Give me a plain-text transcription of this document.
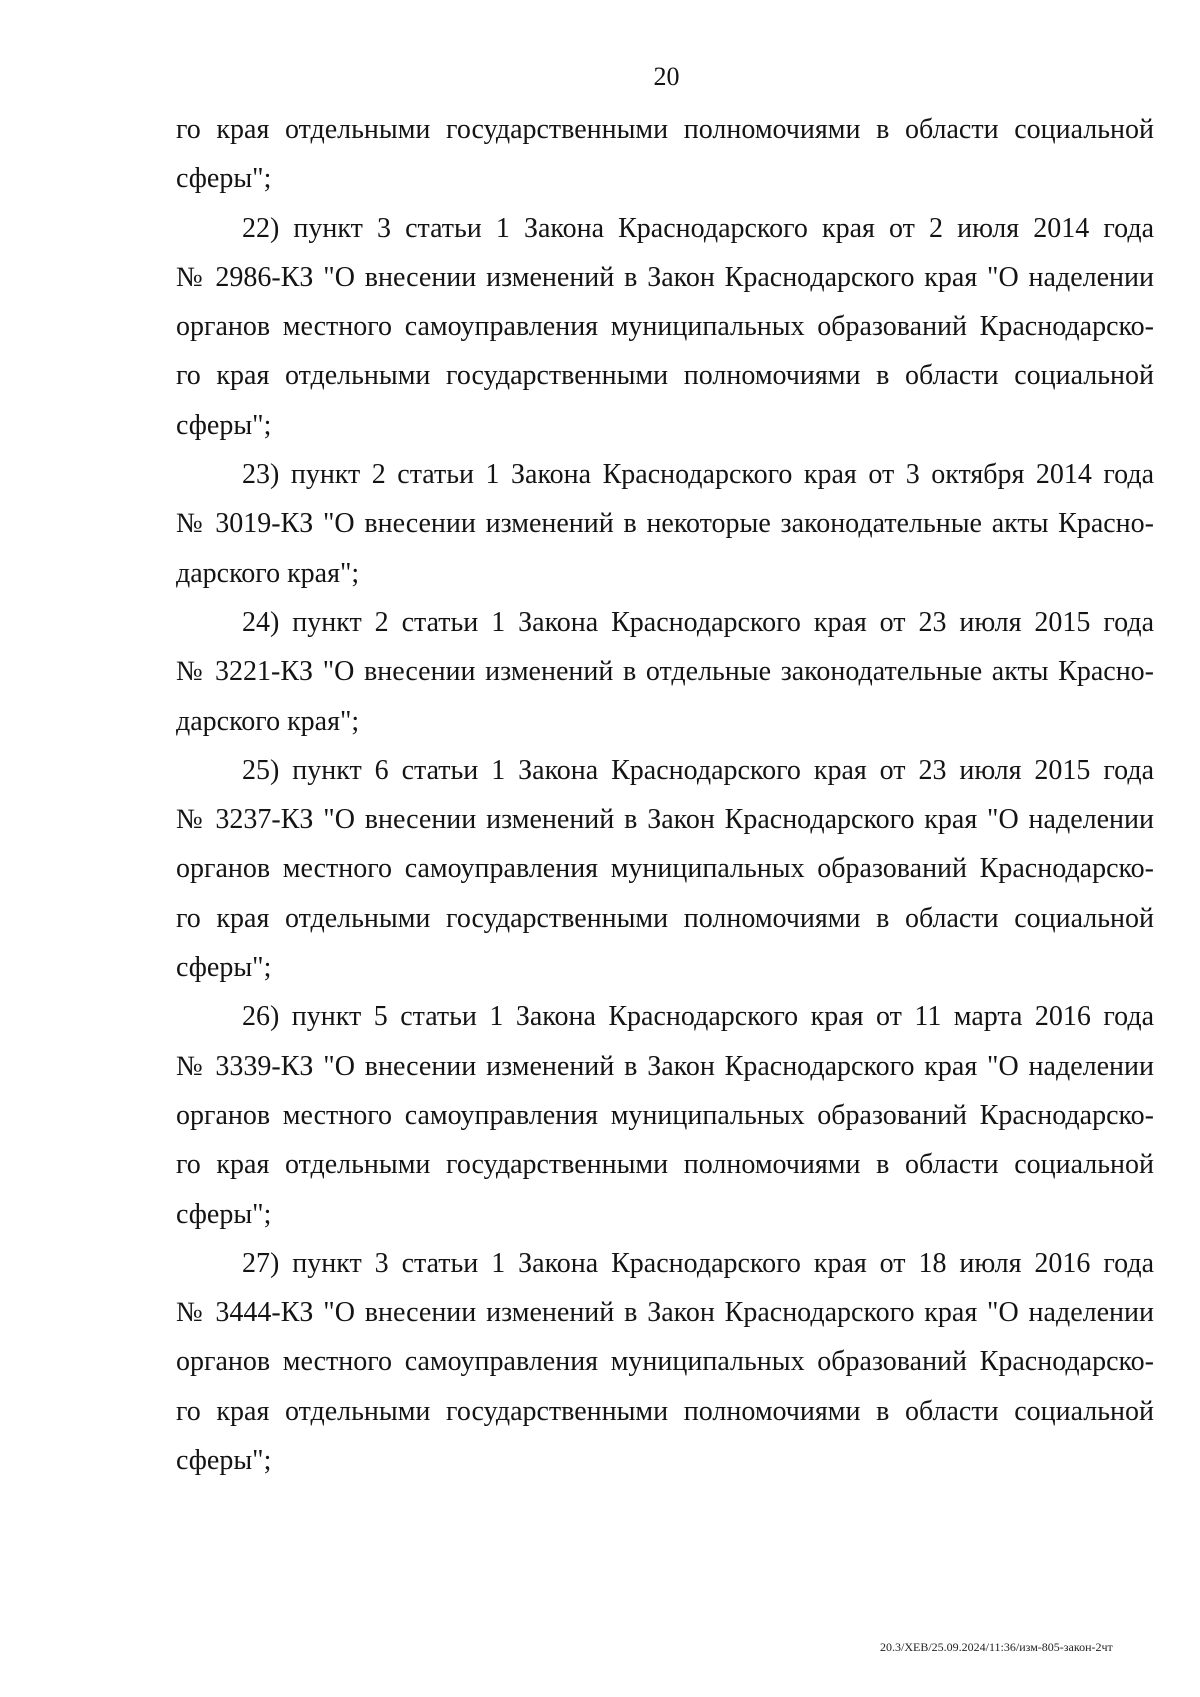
20
го края отдельными государственными полномочиями в области социальной
сферы";
22) пункт 3 статьи 1 Закона Краснодарского края от 2 июля 2014 года
№ 2986-КЗ "О внесении изменений в Закон Краснодарского края "О наделении
органов местного самоуправления муниципальных образований Краснодарско-
го края отдельными государственными полномочиями в области социальной
сферы";
23) пункт 2 статьи 1 Закона Краснодарского края от 3 октября 2014 года
№ 3019-КЗ "О внесении изменений в некоторые законодательные акты Красно-
дарского края";
24) пункт 2 статьи 1 Закона Краснодарского края от 23 июля 2015 года
№ 3221-КЗ "О внесении изменений в отдельные законодательные акты Красно-
дарского края";
25) пункт 6 статьи 1 Закона Краснодарского края от 23 июля 2015 года
№ 3237-КЗ "О внесении изменений в Закон Краснодарского края "О наделении
органов местного самоуправления муниципальных образований Краснодарско-
го края отдельными государственными полномочиями в области социальной
сферы";
26) пункт 5 статьи 1 Закона Краснодарского края от 11 марта 2016 года
№ 3339-КЗ "О внесении изменений в Закон Краснодарского края "О наделении
органов местного самоуправления муниципальных образований Краснодарско-
го края отдельными государственными полномочиями в области социальной
сферы";
27) пункт 3 статьи 1 Закона Краснодарского края от 18 июля 2016 года
№ 3444-КЗ "О внесении изменений в Закон Краснодарского края "О наделении
органов местного самоуправления муниципальных образований Краснодарско-
го края отдельными государственными полномочиями в области социальной
сферы";
20.3/ХЕВ/25.09.2024/11:36/изм-805-закон-2чт
